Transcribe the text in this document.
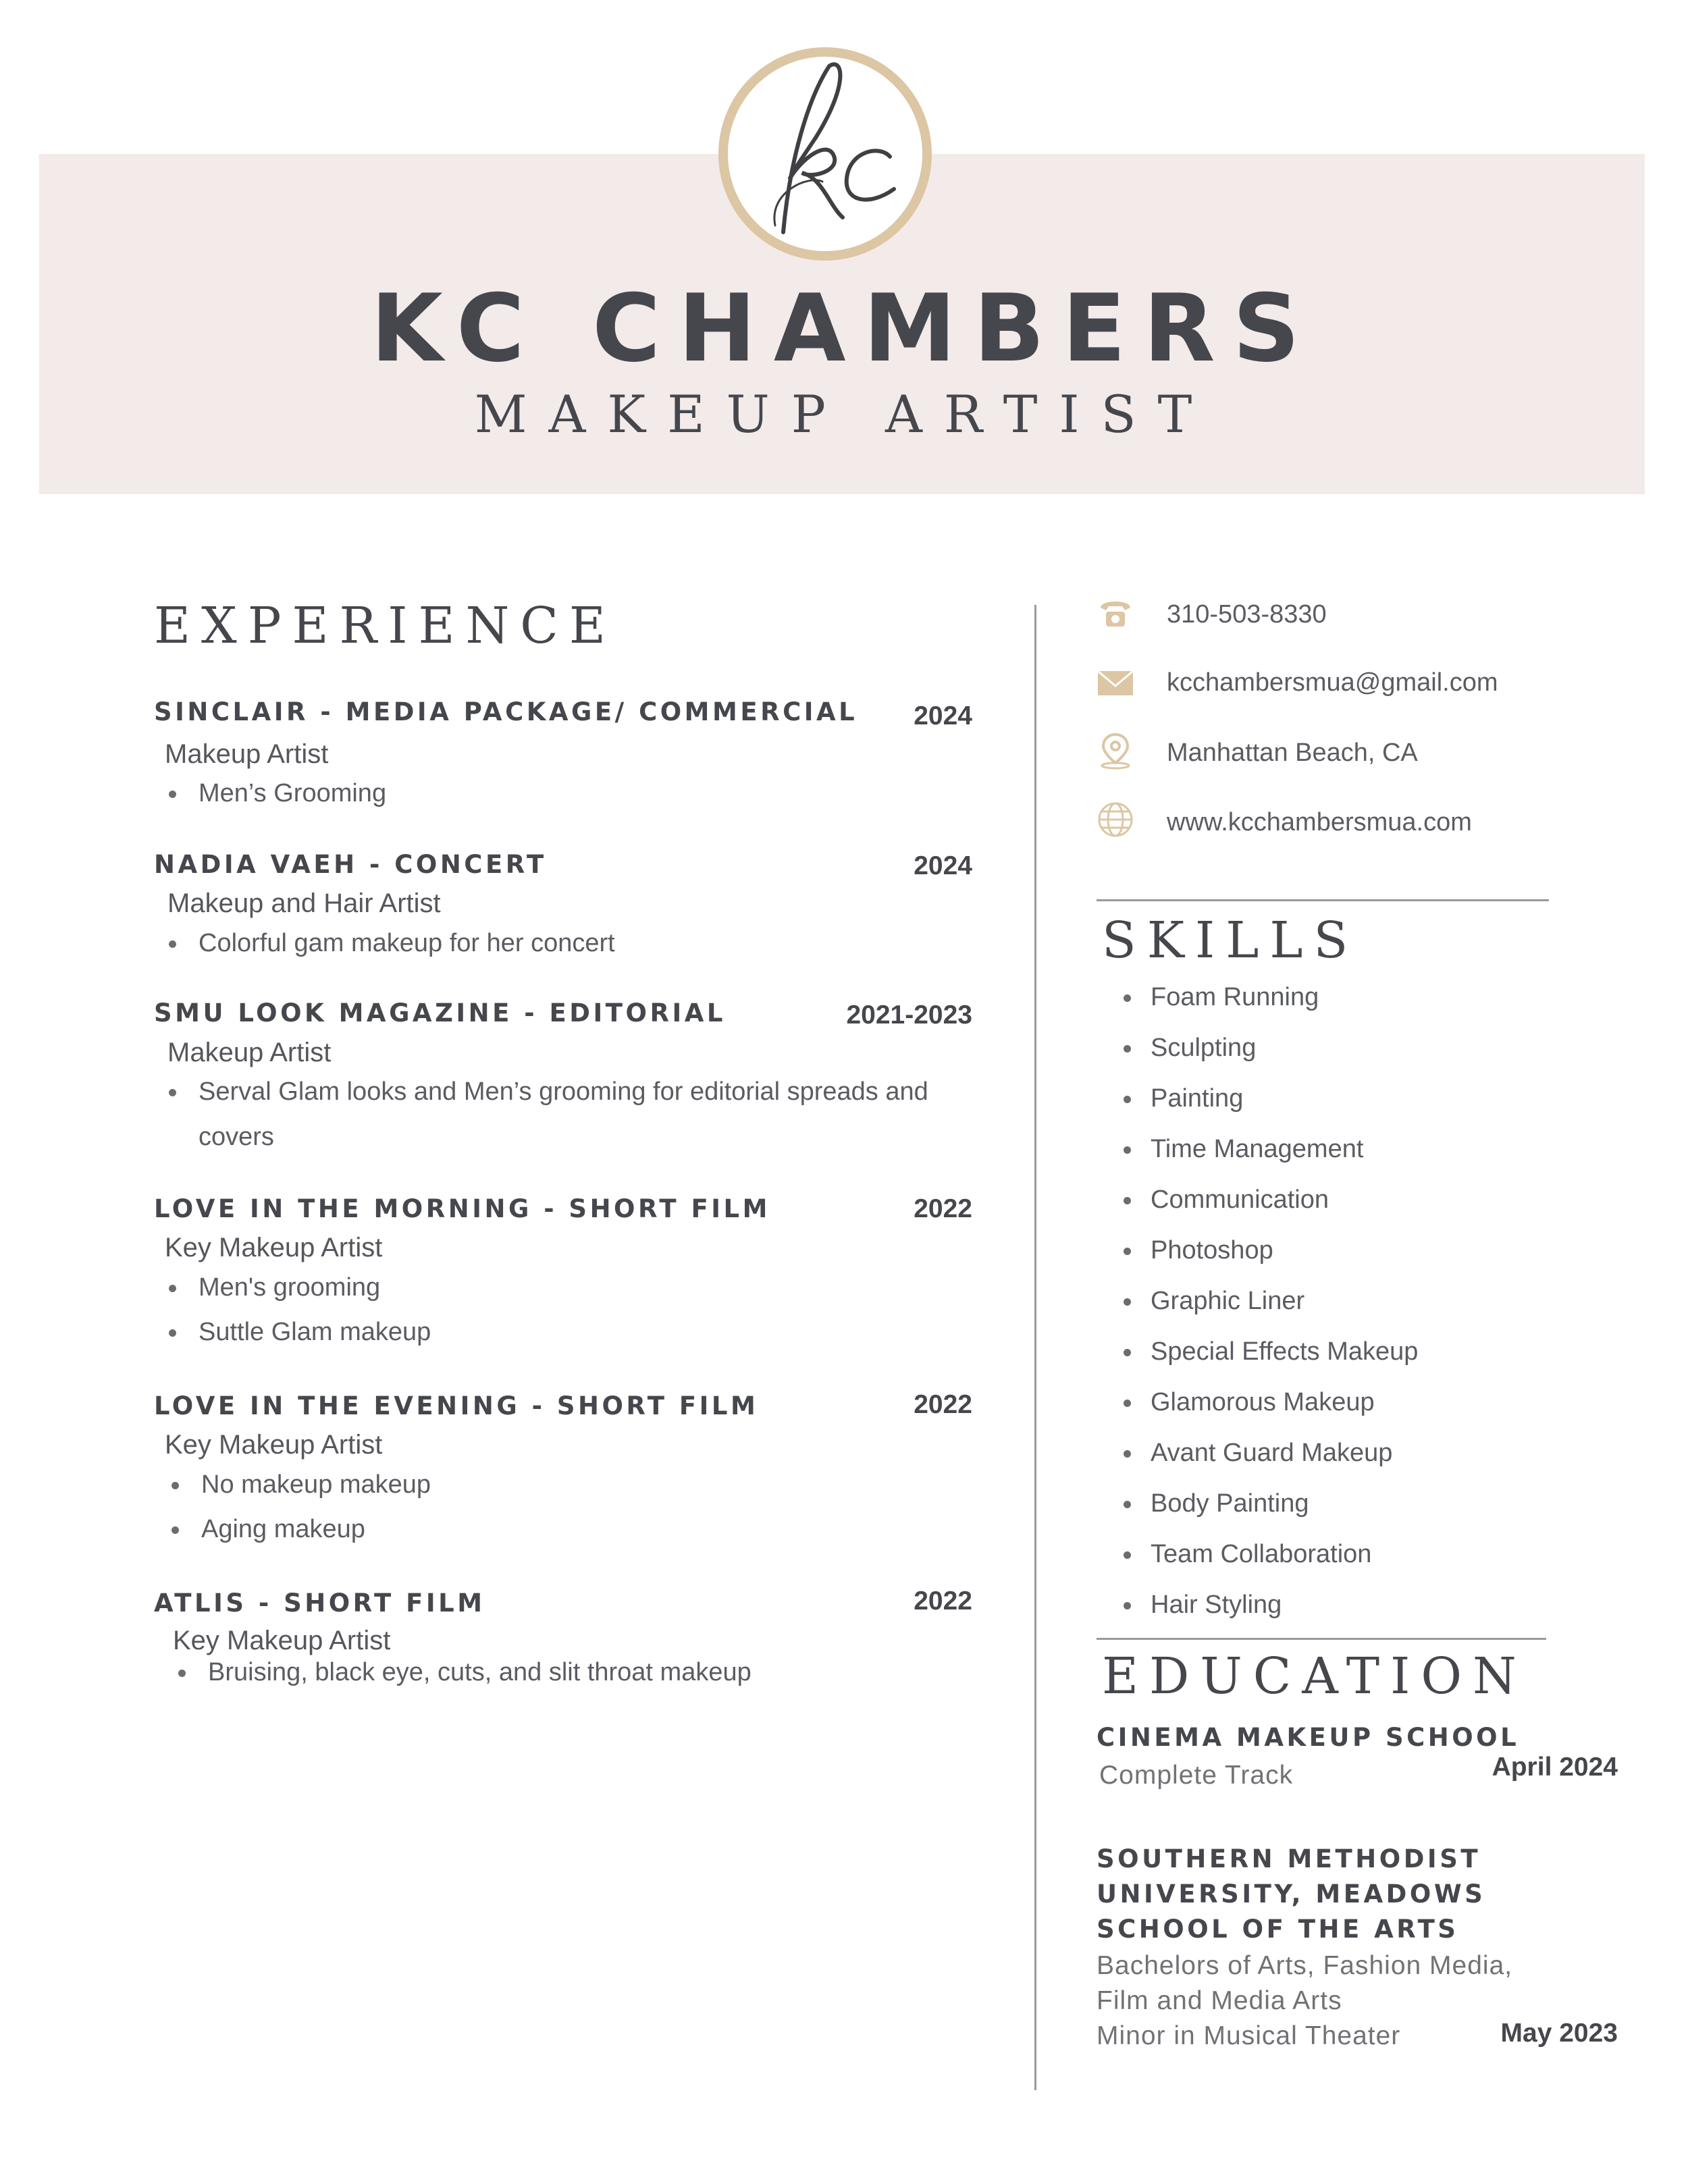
KC CHAMBERS
MAKEUP ARTIST
EXPERIENCE
SINCLAIR - MEDIA PACKAGE/ COMMERCIAL	2024
Makeup Artist
Men’s Grooming
NADIA VAEH - CONCERT	2024
Makeup and Hair Artist
Colorful gam makeup for her concert
SMU LOOK MAGAZINE - EDITORIAL	2021-2023
Makeup Artist
Serval Glam looks and Men’s grooming for editorial spreads and
covers
LOVE IN THE MORNING - SHORT FILM	2022
Key Makeup Artist
Men's grooming
Suttle Glam makeup
LOVE IN THE EVENING - SHORT FILM	2022
Key Makeup Artist
No makeup makeup
Aging makeup
ATLIS - SHORT FILM	2022
Key Makeup Artist
Bruising, black eye, cuts, and slit throat makeup
310-503-8330
kcchambersmua@gmail.com
Manhattan Beach, CA
www.kcchambersmua.com
SKILLS
Foam Running
Sculpting
Painting
Time Management
Communication
Photoshop
Graphic Liner
Special Effects Makeup
Glamorous Makeup
Avant Guard Makeup
Body Painting
Team Collaboration
Hair Styling
EDUCATION
CINEMA MAKEUP SCHOOL
Complete Track	April 2024
SOUTHERN METHODIST UNIVERSITY, MEADOWS SCHOOL OF THE ARTS
Bachelors of Arts, Fashion Media, Film and Media Arts
Minor in Musical Theater	May 2023
